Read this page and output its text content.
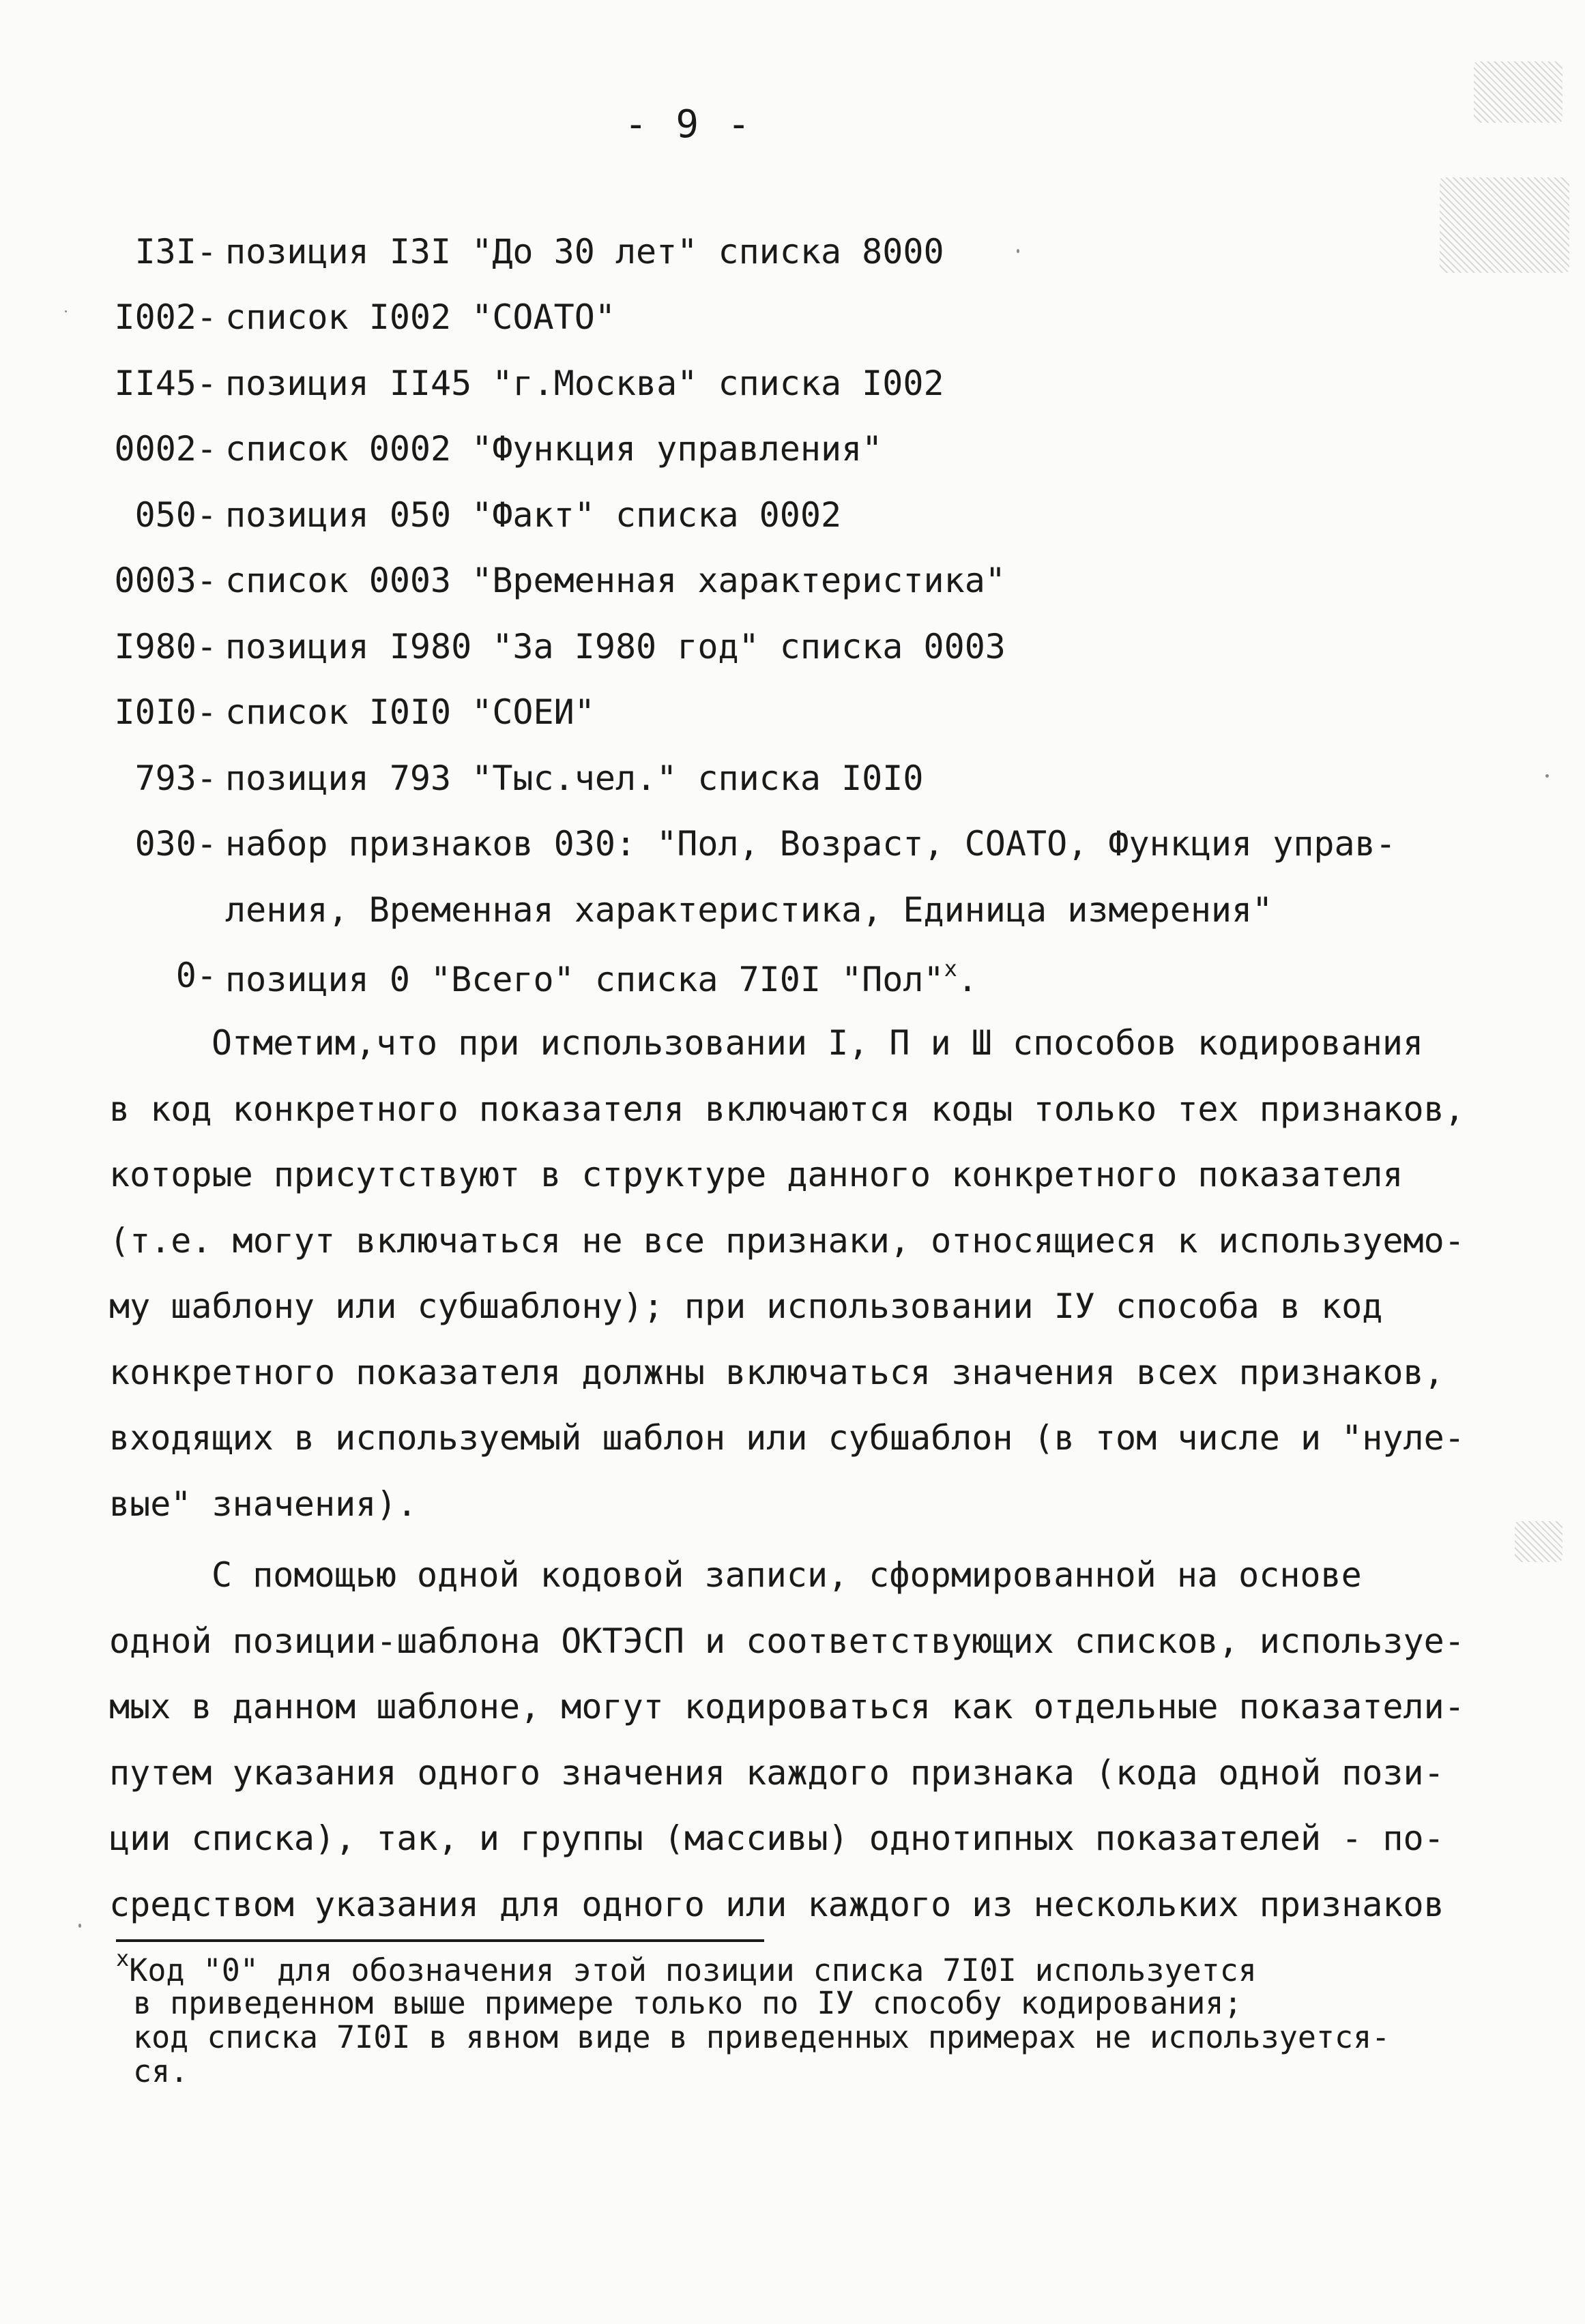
- 9 -
I3I- позиция I3I "До 30 лет" списка 8000
I002- список I002 "СОАТО"
II45- позиция II45 "г.Москва" списка I002
0002- список 0002 "Функция управления"
050- позиция 050 "Факт" списка 0002
0003- список 0003 "Временная характеристика"
I980- позиция I980 "За I980 год" списка 0003
I0I0- список I0I0 "СОЕИ"
793- позиция 793 "Тыс.чел." списка I0I0
030- набор признаков 030: "Пол, Возраст, СОАТО, Функция управ-
ления, Временная характеристика, Единица измерения"
0- позиция 0 "Всего" списка 7I0I "Пол"$^x$.
Отметим,что при использовании I, П и Ш способов кодирования
в код конкретного показателя включаются коды только тех признаков,
которые присутствуют в структуре данного конкретного показателя
(т.е. могут включаться не все признаки, относящиеся к используемо-
му шаблону или субшаблону); при использовании IУ способа в код
конкретного показателя должны включаться значения всех признаков,
входящих в используемый шаблон или субшаблон (в том числе и "нуле-
вые" значения).
С помощью одной кодовой записи, сформированной на основе
одной позиции-шаблона ОКТЭСП и соответствующих списков, используе-
мых в данном шаблоне, могут кодироваться как отдельные показатели-
путем указания одного значения каждого признака (кода одной пози-
ции списка), так, и группы (массивы) однотипных показателей - по-
средством указания для одного или каждого из нескольких признаков
$^x$Код "0" для обозначения этой позиции списка 7I0I используется
в приведенном выше примере только по IУ способу кодирования;
код списка 7I0I в явном виде в приведенных примерах не используется-
ся.
